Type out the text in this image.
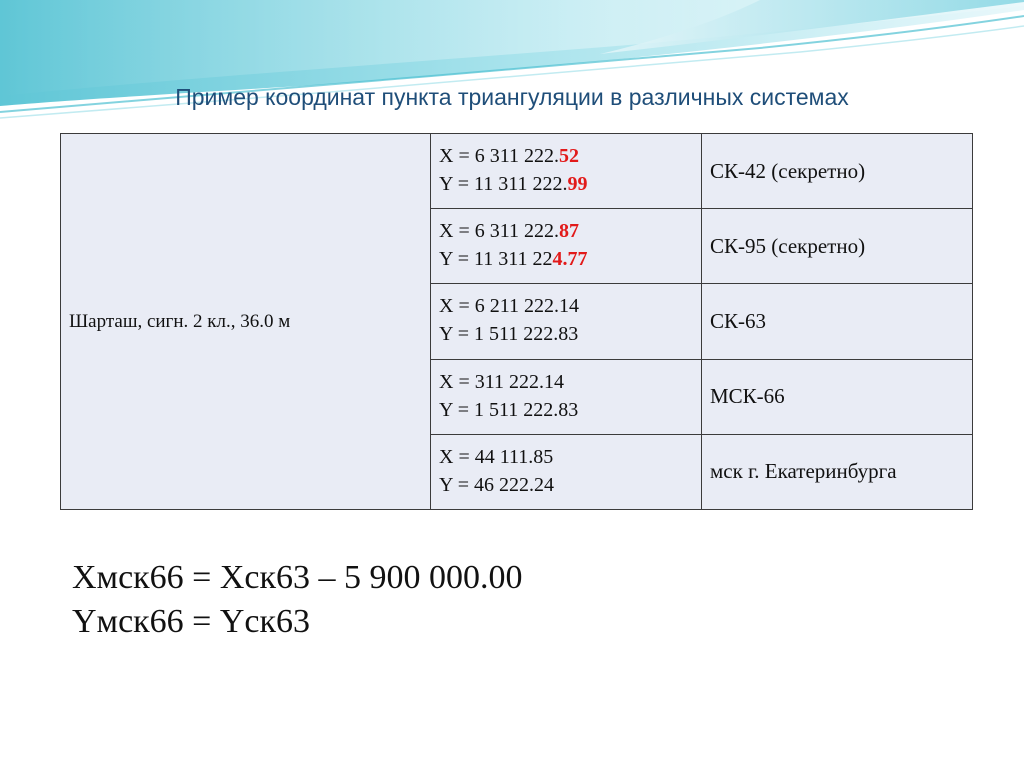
Пример координат пункта триангуляции в различных системах
Шарташ, сигн. 2 кл., 36.0 м	X = 6 311 222.52
Y = 11 311 222.99	СК-42 (секретно)

	X = 6 311 222.87
Y = 11 311 224.77	СК-95 (секретно)

	X = 6 211 222.14
Y = 1 511 222.83	СК-63

	X = 311 222.14
Y = 1 511 222.83	МСК-66

	X = 44 111.85
Y = 46 222.24	мск г. Екатеринбурга
Xмск66 = Xск63 – 5 900 000.00
Yмск66 = Yск63
